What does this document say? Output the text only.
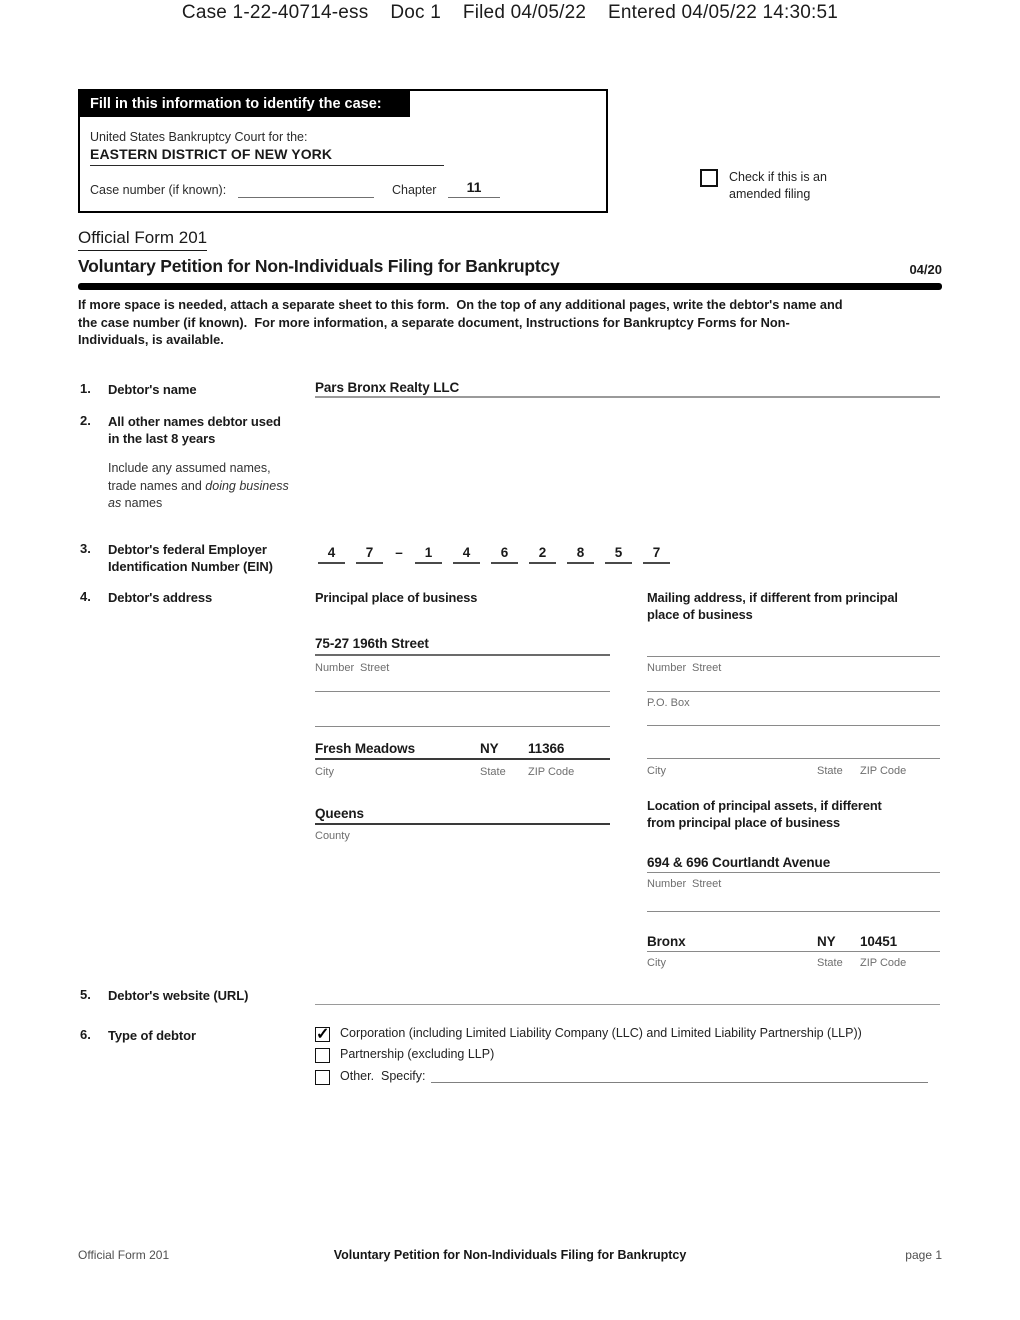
Case 1-22-40714-ess    Doc 1    Filed 04/05/22    Entered 04/05/22 14:30:51
Fill in this information to identify the case:
United States Bankruptcy Court for the:
EASTERN DISTRICT OF NEW YORK
Case number (if known):	Chapter	11
Check if this is an
amended filing
Official Form 201
Voluntary Petition for Non-Individuals Filing for Bankruptcy	04/20
If more space is needed, attach a separate sheet to this form.  On the top of any additional pages, write the debtor's name and
the case number (if known).  For more information, a separate document, Instructions for Bankruptcy Forms for Non-
Individuals, is available.
1. Debtor's name	Pars Bronx Realty LLC
2. All other names debtor used
in the last 8 years
Include any assumed names, trade names and doing business as names
3. Debtor's federal Employer
Identification Number (EIN)
4 7 – 1 4 6 2 8 5 7
4. Debtor's address	Principal place of business
75-27 196th Street
Number Street
Fresh Meadows	NY 11366
City	State ZIP Code
Queens
County
Mailing address, if different from principal
place of business
Number Street
P.O. Box
City	State ZIP Code
Location of principal assets, if different
from principal place of business
694 & 696 Courtlandt Avenue
Number Street
Bronx	NY 10451
City	State ZIP Code
5. Debtor's website (URL)
6. Type of debtor ✓	Corporation (including Limited Liability Company (LLC) and Limited Liability Partnership (LLP))
Partnership (excluding LLP)
Other.  Specify:
Official Form 201	Voluntary Petition for Non-Individuals Filing for Bankruptcy	page 1
